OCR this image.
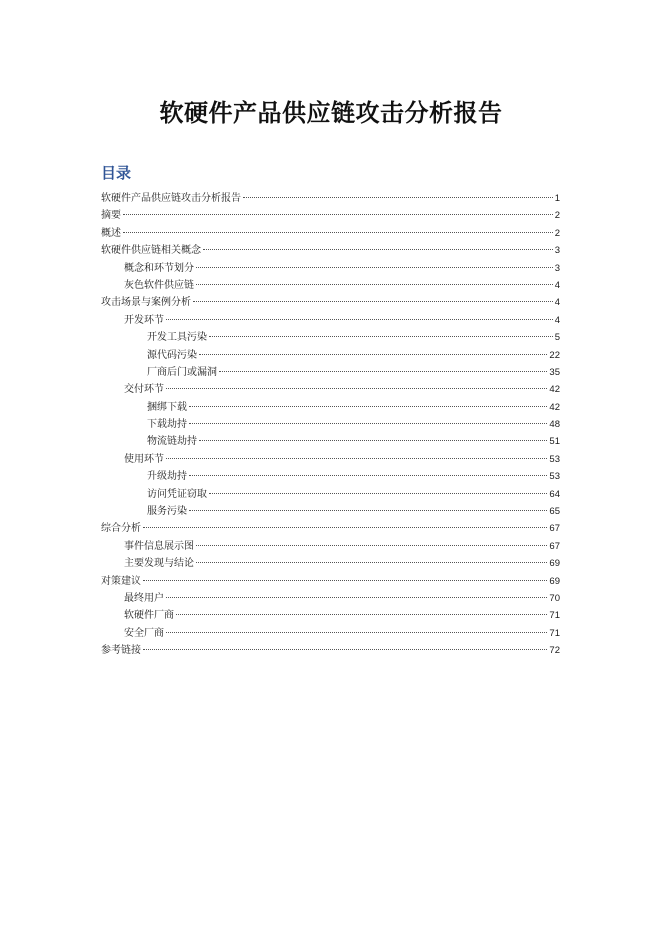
软硬件产品供应链攻击分析报告
目录
软硬件产品供应链攻击分析报告	1
摘要	2
概述	2
软硬件供应链相关概念	3
概念和环节划分	3
灰色软件供应链	4
攻击场景与案例分析	4
开发环节	4
开发工具污染	5
源代码污染	22
厂商后门或漏洞	35
交付环节	42
捆绑下载	42
下载劫持	48
物流链劫持	51
使用环节	53
升级劫持	53
访问凭证窃取	64
服务污染	65
综合分析	67
事件信息展示图	67
主要发现与结论	69
对策建议	69
最终用户	70
软硬件厂商	71
安全厂商	71
参考链接	72
